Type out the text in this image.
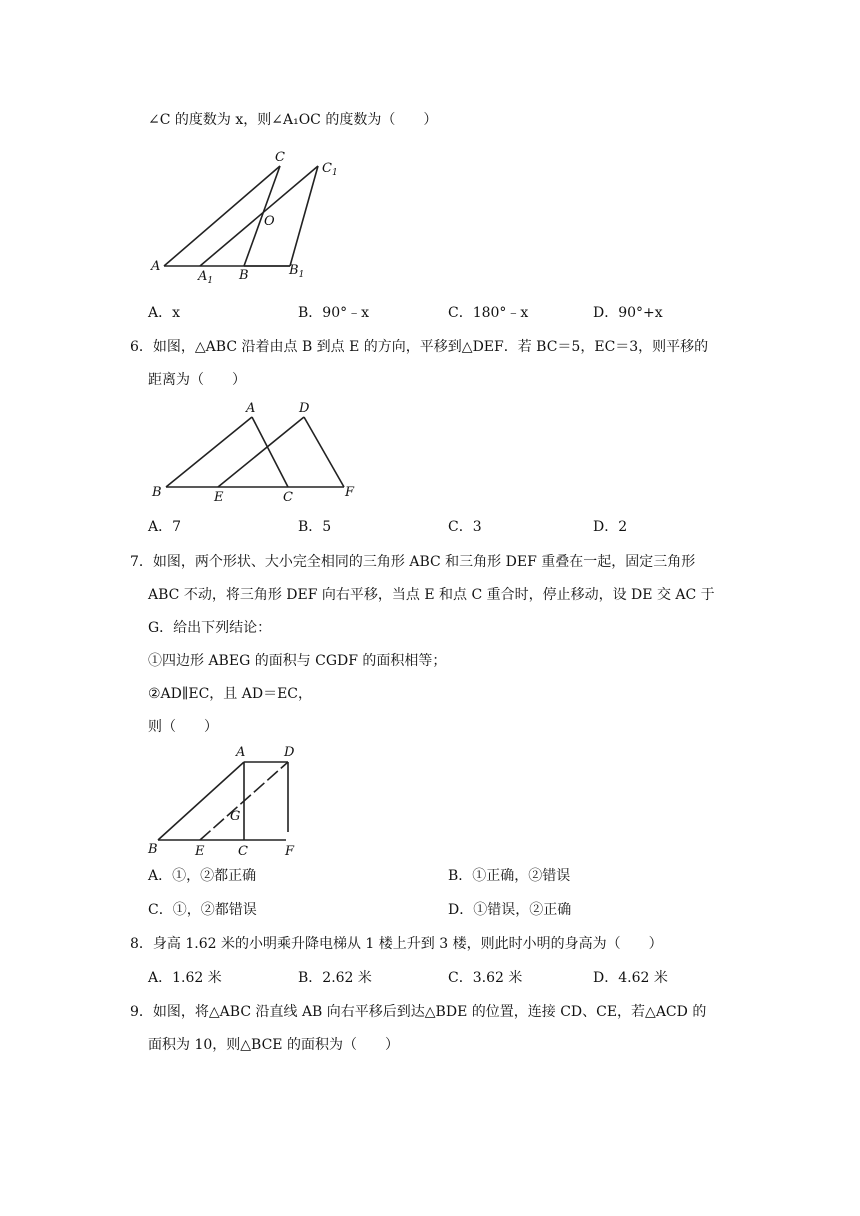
∠C 的度数为 x，则∠A₁OC 的度数为（　　）
C
$C_1$
O
A
$A_1$ B	$B_1$
A．x	B．90°﹣x	C．180°﹣x	D．90°+x
6．如图，△ABC 沿着由点 B 到点 E 的方向，平移到△DEF．若 BC＝5，EC＝3，则平移的
距离为（　　）
A	D
B	E	C	F
A．7	B．5	C．3	D．2
7．如图，两个形状、大小完全相同的三角形 ABC 和三角形 DEF 重叠在一起，固定三角形
ABC 不动，将三角形 DEF 向右平移，当点 E 和点 C 重合时，停止移动，设 DE 交 AC 于
G．给出下列结论：
①四边形 ABEG 的面积与 CGDF 的面积相等；
②AD∥EC，且 AD＝EC，
则（　　）
A	D
G
B	E	C	F
A．①，②都正确	B．①正确，②错误
C．①，②都错误	D．①错误，②正确
8．身高 1.62 米的小明乘升降电梯从 1 楼上升到 3 楼，则此时小明的身高为（　　）
A．1.62 米	B．2.62 米	C．3.62 米	D．4.62 米
9．如图，将△ABC 沿直线 AB 向右平移后到达△BDE 的位置，连接 CD、CE，若△ACD 的
面积为 10，则△BCE 的面积为（　　）
